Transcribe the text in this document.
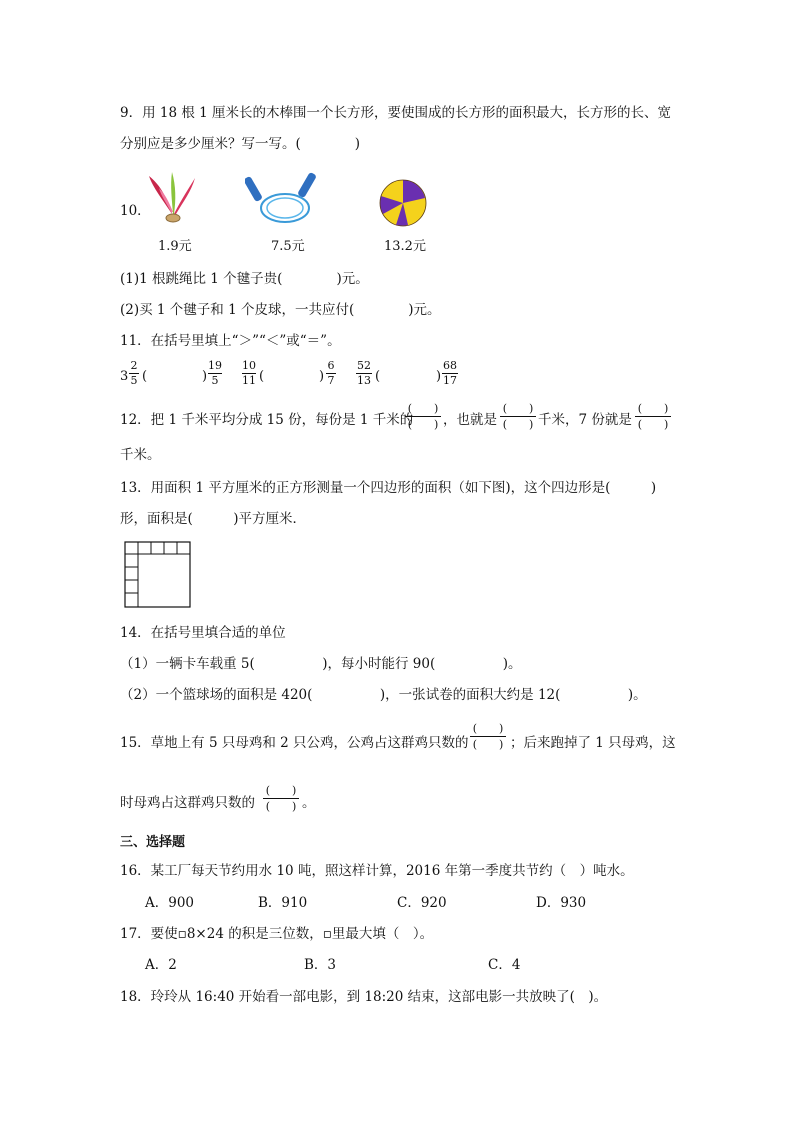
9．用 18 根 1 厘米长的木棒围一个长方形，要使围成的长方形的面积最大，长方形的长、宽
分别应是多少厘米？写一写。(　　　　)
10．
1.9元	7.5元	13.2元
(1)1 根跳绳比 1 个毽子贵(　　　　)元。
(2)买 1 个毽子和 1 个皮球，一共应付(　　　　)元。
11．在括号里填上“＞”“＜”或“＝”。
3
2
5 (	)
19
5
10
11 (	)
6
7
52
13 (	)
68
17
12．把 1 千米平均分成 15 份，每份是 1 千米的
(　　)
(　　) ，也就是
(　　)
(　　) 千米，7 份就是
(　　)
(　　)
千米。
13．用面积 1 平方厘米的正方形测量一个四边形的面积（如下图)，这个四边形是(　　　)
形，面积是(　　　)平方厘米．
14．在括号里填合适的单位
（1）一辆卡车载重 5(　　　　　)，每小时能行 90(　　　　　)。
（2）一个篮球场的面积是 420(　　　　　)，一张试卷的面积大约是 12(　　　　　)。
15．草地上有 5 只母鸡和 2 只公鸡，公鸡占这群鸡只数的
(　　)
(　　) ；后来跑掉了 1 只母鸡，这
时母鸡占这群鸡只数的
(　　)
(　　) 。
三、选择题
16．某工厂每天节约用水 10 吨，照这样计算，2016 年第一季度共节约（　）吨水。
A．900	B．910	C．920	D．930
17．要使▫8×24 的积是三位数，▫里最大填（　）。
A．2	B．3	C．4
18．玲玲从 16:40 开始看一部电影，到 18:20 结束，这部电影一共放映了(　)。
